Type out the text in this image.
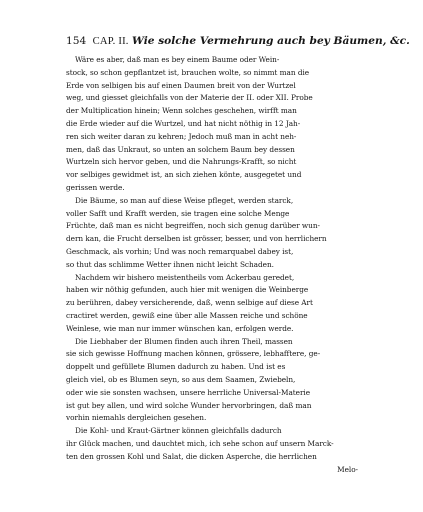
154 CAP. II. Wie solche Vermehrung auch bey Bäumen, &c.
Wäre es aber, daß man es bey einem Baume oder Wein-
stock, so schon gepflantzet ist, brauchen wolte, so nimmt man die
Erde von selbigen bis auf einen Daumen breit von der Wurtzel
weg, und giesset gleichfalls von der Materie der II. oder XII. Probe
der Multiplication hinein; Wenn solches geschehen, wirfft man
die Erde wieder auf die Wurtzel, und hat nicht nöthig in 12 Jah-
ren sich weiter daran zu kehren; Jedoch muß man in acht neh-
men, daß das Unkraut, so unten an solchem Baum bey dessen
Wurtzeln sich hervor geben, und die Nahrungs-Krafft, so nicht
vor selbiges gewidmet ist, an sich ziehen könte, ausgegetet und
gerissen werde.
Die Bäume, so man auf diese Weise pfleget, werden starck,
voller Safft und Krafft werden, sie tragen eine solche Menge
Früchte, daß man es nicht begreiffen, noch sich genug darüber wun-
dern kan, die Frucht derselben ist grösser, besser, und von herrlichern
Geschmack, als vorhin; Und was noch remarquabel dabey ist,
so thut das schlimme Wetter ihnen nicht leicht Schaden.
Nachdem wir bishero meistentheils vom Ackerbau geredet,
haben wir nöthig gefunden, auch hier mit wenigen die Weinberge
zu berühren, dabey versicherende, daß, wenn selbige auf diese Art
cractiret werden, gewiß eine über alle Massen reiche und schöne
Weinlese, wie man nur immer wünschen kan, erfolgen werde.
Die Liebhaber der Blumen finden auch ihren Theil, massen
sie sich gewisse Hoffnung machen können, grössere, lebhafftere, ge-
doppelt und gefüllete Blumen dadurch zu haben. Und ist es
gleich viel, ob es Blumen seyn, so aus dem Saamen, Zwiebeln,
oder wie sie sonsten wachsen, unsere herrliche Universal-Materie
ist gut bey allen, und wird solche Wunder hervorbringen, daß man
vorhin niemahls dergleichen gesehen.
Die Kohl- und Kraut-Gärtner können gleichfalls dadurch
ihr Glück machen, und dauchtet mich, ich sehe schon auf unsern Marck-
ten den grossen Kohl und Salat, die dicken Asperche, die herrlichen
Melo-
